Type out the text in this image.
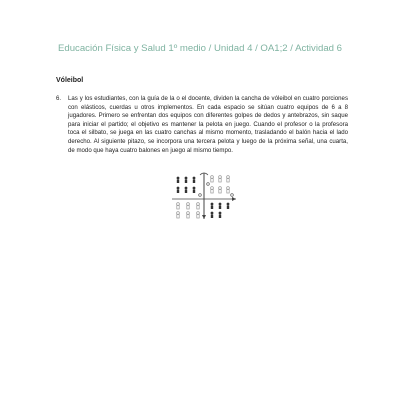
Educación Física y Salud 1º medio / Unidad 4 / OA1;2 / Actividad 6
Vóleibol
6. Las y los estudiantes, con la guía de la o el docente, dividen la cancha de vóleibol en cuatro porciones con elásticos, cuerdas u otros implementos. En cada espacio se sitúan cuatro equipos de 6 a 8 jugadores. Primero se enfrentan dos equipos con diferentes golpes de dedos y antebrazos, sin saque para iniciar el partido; el objetivo es mantener la pelota en juego. Cuando el profesor o la profesora toca el silbato, se juega en las cuatro canchas al mismo momento, trasladando el balón hacia el lado derecho. Al siguiente pitazo, se incorpora una tercera pelota y luego de la próxima señal, una cuarta, de modo que haya cuatro balones en juego al mismo tiempo.
